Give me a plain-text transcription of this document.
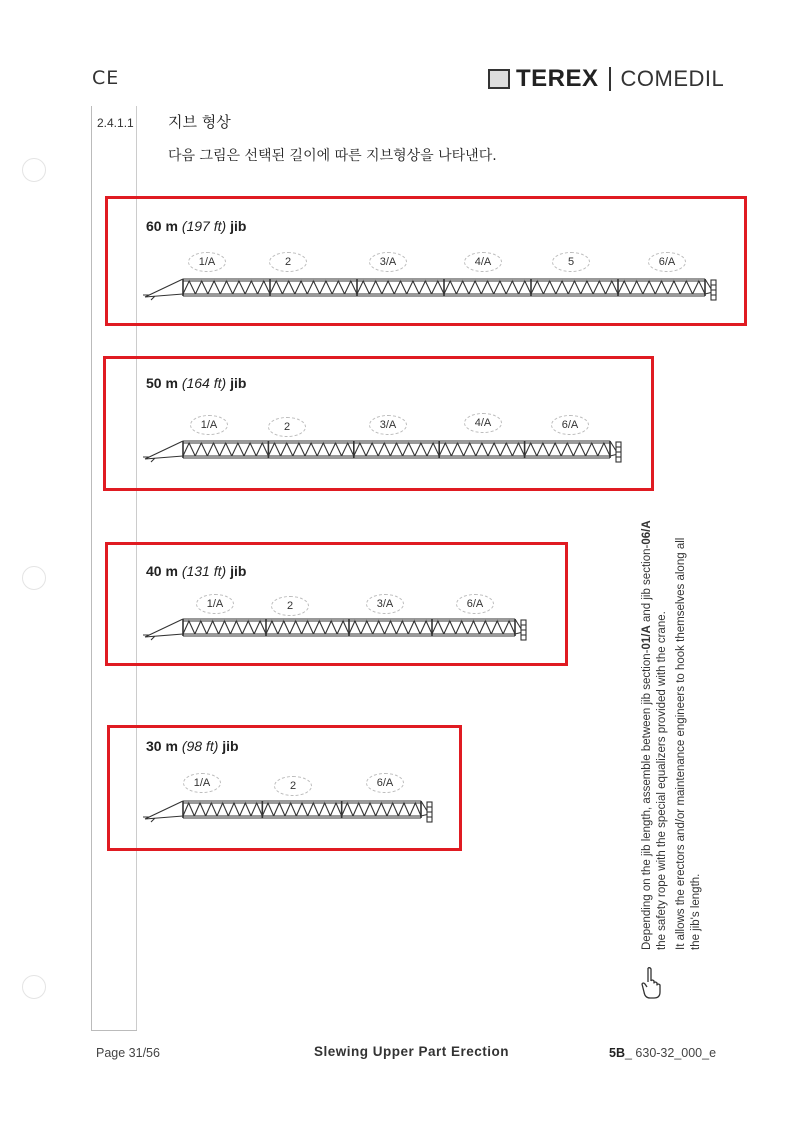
CE	TEREX COMEDIL
2.4.1.1 지브 형상
다음 그림은 선택된 길이에 따른 지브형상을 나타낸다.
60 m (197 ft) jib
1/A	2	3/A	4/A	5	6/A
50 m (164 ft) jib
1/A	2	3/A	4/A	6/A
40 m (131 ft) jib
1/A	2	3/A	6/A
30 m (98 ft) jib
1/A	2	6/A	Depending on the jib length, assemble between jib section-01/A and jib section-06/A the safety rope with the special equalizers provided with the crane. It allows the erectors and/or maintenance engineers to hook themselves along all the jib's length.

Page 31/56	Slewing Upper Part Erection	5B_ 630-32_000_e
